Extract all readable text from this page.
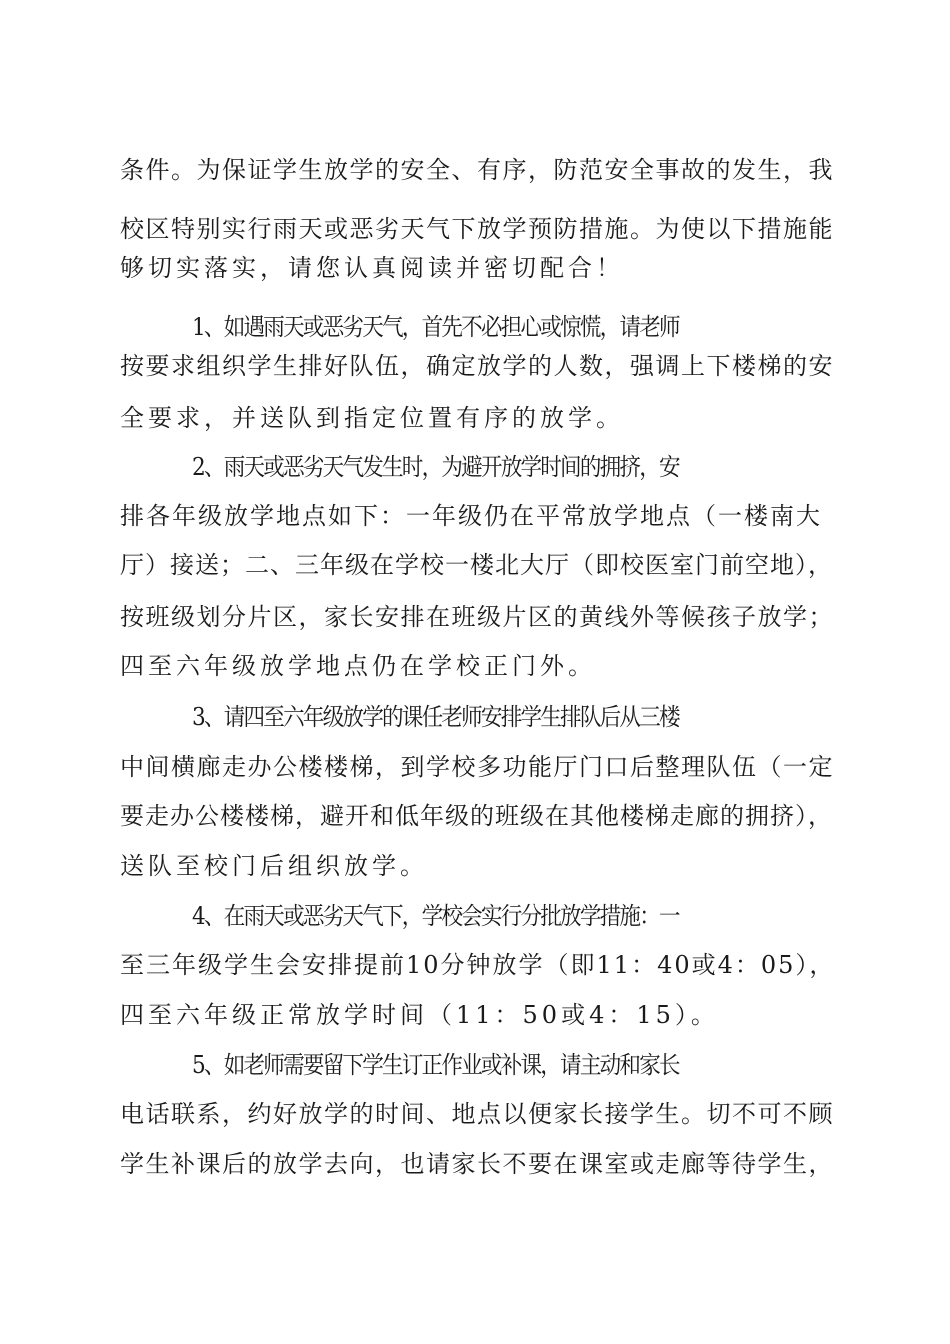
条件。为保证学生放学的安全、有序，防范安全事故的发生，我
校区特别实行雨天或恶劣天气下放学预防措施。为使以下措施能
够切实落实，请您认真阅读并密切配合！
1、如遇雨天或恶劣天气，首先不必担心或惊慌，请老师
按要求组织学生排好队伍，确定放学的人数，强调上下楼梯的安
全要求，并送队到指定位置有序的放学。
2、雨天或恶劣天气发生时，为避开放学时间的拥挤，安
排各年级放学地点如下：一年级仍在平常放学地点（一楼南大
厅）接送；二、三年级在学校一楼北大厅（即校医室门前空地），
按班级划分片区，家长安排在班级片区的黄线外等候孩子放学；
四至六年级放学地点仍在学校正门外。
3、请四至六年级放学的课任老师安排学生排队后从三楼
中间横廊走办公楼楼梯，到学校多功能厅门口后整理队伍（一定
要走办公楼楼梯，避开和低年级的班级在其他楼梯走廊的拥挤），
送队至校门后组织放学。
4、在雨天或恶劣天气下，学校会实行分批放学措施：一
至三年级学生会安排提前10分钟放学（即11：40或4：05），
四至六年级正常放学时间（11：50或4：15）。
5、如老师需要留下学生订正作业或补课，请主动和家长
电话联系，约好放学的时间、地点以便家长接学生。切不可不顾
学生补课后的放学去向，也请家长不要在课室或走廊等待学生，
